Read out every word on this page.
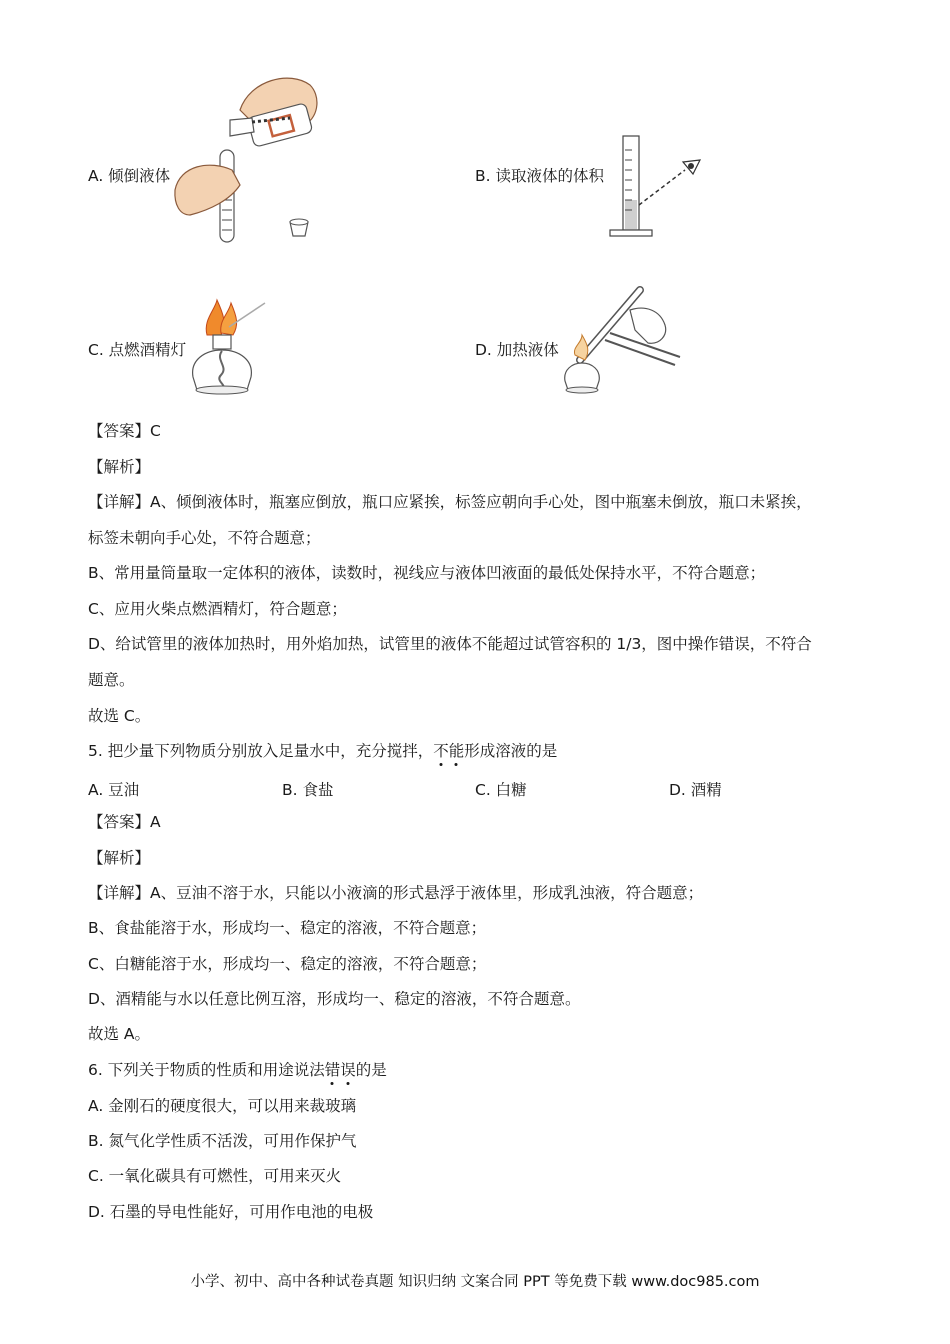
A. 倾倒液体	B. 读取液体的体积
C. 点燃酒精灯	D. 加热液体
【答案】C
【解析】
【详解】A、倾倒液体时，瓶塞应倒放，瓶口应紧挨，标签应朝向手心处，图中瓶塞未倒放，瓶口未紧挨，
标签未朝向手心处，不符合题意；
B、常用量筒量取一定体积的液体，读数时，视线应与液体凹液面的最低处保持水平，不符合题意；
C、应用火柴点燃酒精灯，符合题意；
D、给试管里的液体加热时，用外焰加热，试管里的液体不能超过试管容积的 1/3，图中操作错误，不符合
题意。
故选 C。
5. 把少量下列物质分别放入足量水中，充分搅拌，不能形成溶液的是
A. 豆油	B. 食盐	C. 白糖	D. 酒精
【答案】A
【解析】
【详解】A、豆油不溶于水，只能以小液滴的形式悬浮于液体里，形成乳浊液，符合题意；
B、食盐能溶于水，形成均一、稳定的溶液，不符合题意；
C、白糖能溶于水，形成均一、稳定的溶液，不符合题意；
D、酒精能与水以任意比例互溶，形成均一、稳定的溶液，不符合题意。
故选 A。
6. 下列关于物质的性质和用途说法错误的是
A. 金刚石的硬度很大，可以用来裁玻璃
B. 氮气化学性质不活泼，可用作保护气
C. 一氧化碳具有可燃性，可用来灭火
D. 石墨的导电性能好，可用作电池的电极
小学、初中、高中各种试卷真题 知识归纳 文案合同 PPT 等免费下载 www.doc985.com
